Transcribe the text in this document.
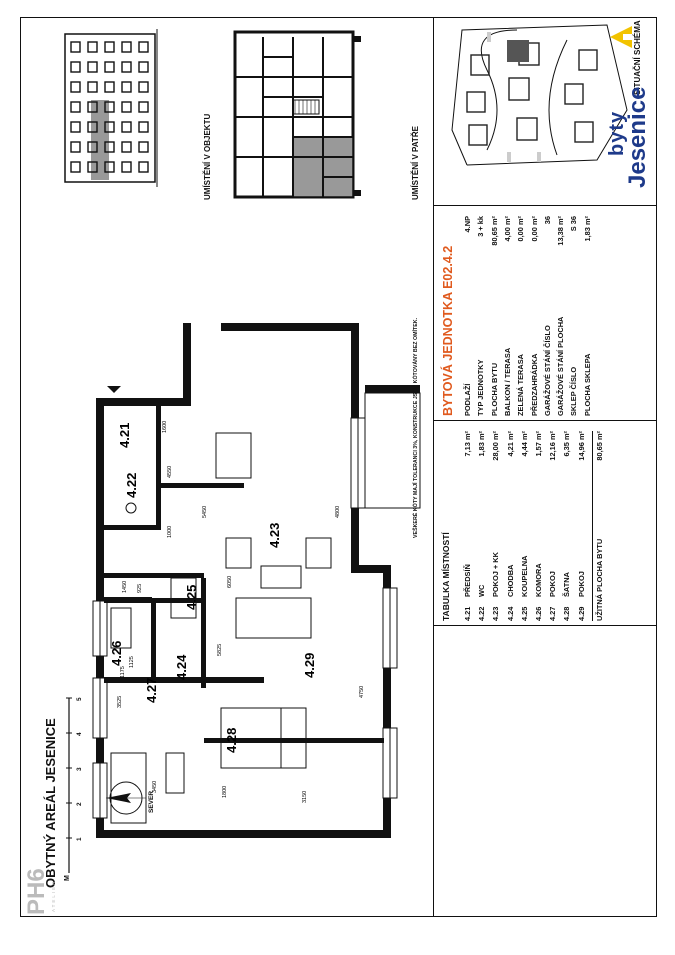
BYTOVÁ JEDNOTKA E02.4.2 PODLAŽÍ
4.NP
TYP JEDNOTKY
3 + kk
PLOCHA BYTU
80,65 m²
BALKON / TERASA
4,00 m²
ZELENÁ TERASA
0,00 m²
PŘEDZAHRÁDKA
0,00 m²
GARÁŽOVÉ STÁNÍ ČÍSLO
36
GARÁŽOVÉ STÁNÍ PLOCHA
13,38 m²
SKLEP ČÍSLO
S 36
PLOCHA SKLEPA
1,83 m²
TABULKA MÍSTNOSTÍ 4.21
PŘEDSÍŇ
7,13 m²
4.22
WC
1,83 m²
4.23
POKOJ + KK
28,00 m²
4.24
CHODBA
4,21 m²
4.25
KOUPELNA
4,44 m²
4.26
KOMORA
1,57 m²
4.27
POKOJ
12,16 m²
4.28
ŠATNA
6,35 m²
4.29
POKOJ
14,96 m²
UŽITNÁ PLOCHA BYTU
80,65 m²
SITUAČNÍ SCHÉMA
UMÍSTĚNÍ V PATŘE
UMÍSTĚNÍ V OBJEKTU	byty
Jesenice
4.21
4.22
4.23
4.24
4.25
4.26
4.27
4.28
4.29
1600
4550
5450	4800
1000
6050
1450 925
5825
1125
1175
3525
3450	1800	3150
4750
OBYTNÝ AREÁL JESENICE
PH6 ATELIER
M
1
2
3
4
5
SEVER
VEŠKERÉ KÓTY MAJÍ TOLERANCI 3%, KONSTRUKCE JSOU KÓTOVÁNY BEZ OMÍTEK.
